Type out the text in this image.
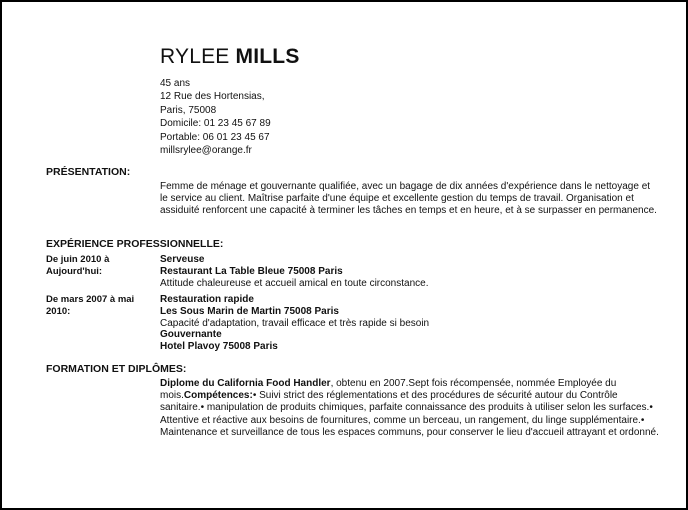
RYLEE MILLS
45 ans
12 Rue des Hortensias,
Paris, 75008
Domicile: 01 23 45 67 89
Portable: 06 01 23 45 67
millsrylee@orange.fr
PRÉSENTATION:
Femme de ménage et gouvernante qualifiée, avec un bagage de dix années d'expérience dans le nettoyage et le service au client. Maîtrise parfaite d'une équipe et excellente gestion du temps de travail. Organisation et assiduité renforcent une capacité à terminer les tâches en temps et en heure, et à se surpasser en permanence.
EXPÉRIENCE PROFESSIONNELLE:
De juin 2010 à Aujourd'hui:
Serveuse
Restaurant La Table Bleue 75008 Paris
Attitude chaleureuse et accueil amical en toute circonstance.
De mars 2007 à mai 2010:
Restauration rapide
Les Sous Marin de Martin 75008 Paris
Capacité d'adaptation, travail efficace et très rapide si besoin
Gouvernante
Hotel Plavoy 75008 Paris
FORMATION ET DIPLÔMES:
Diplome du California Food Handler, obtenu en 2007.Sept fois récompensée, nommée Employée du mois.Compétences:• Suivi strict des réglementations et des procédures de sécurité autour du Contrôle sanitaire.• manipulation de produits chimiques, parfaite connaissance des produits à utiliser selon les surfaces.• Attentive et réactive aux besoins de fournitures, comme un berceau, un rangement, du linge supplémentaire.• Maintenance et surveillance de tous les espaces communs, pour conserver le lieu d'accueil attrayant et ordonné.
